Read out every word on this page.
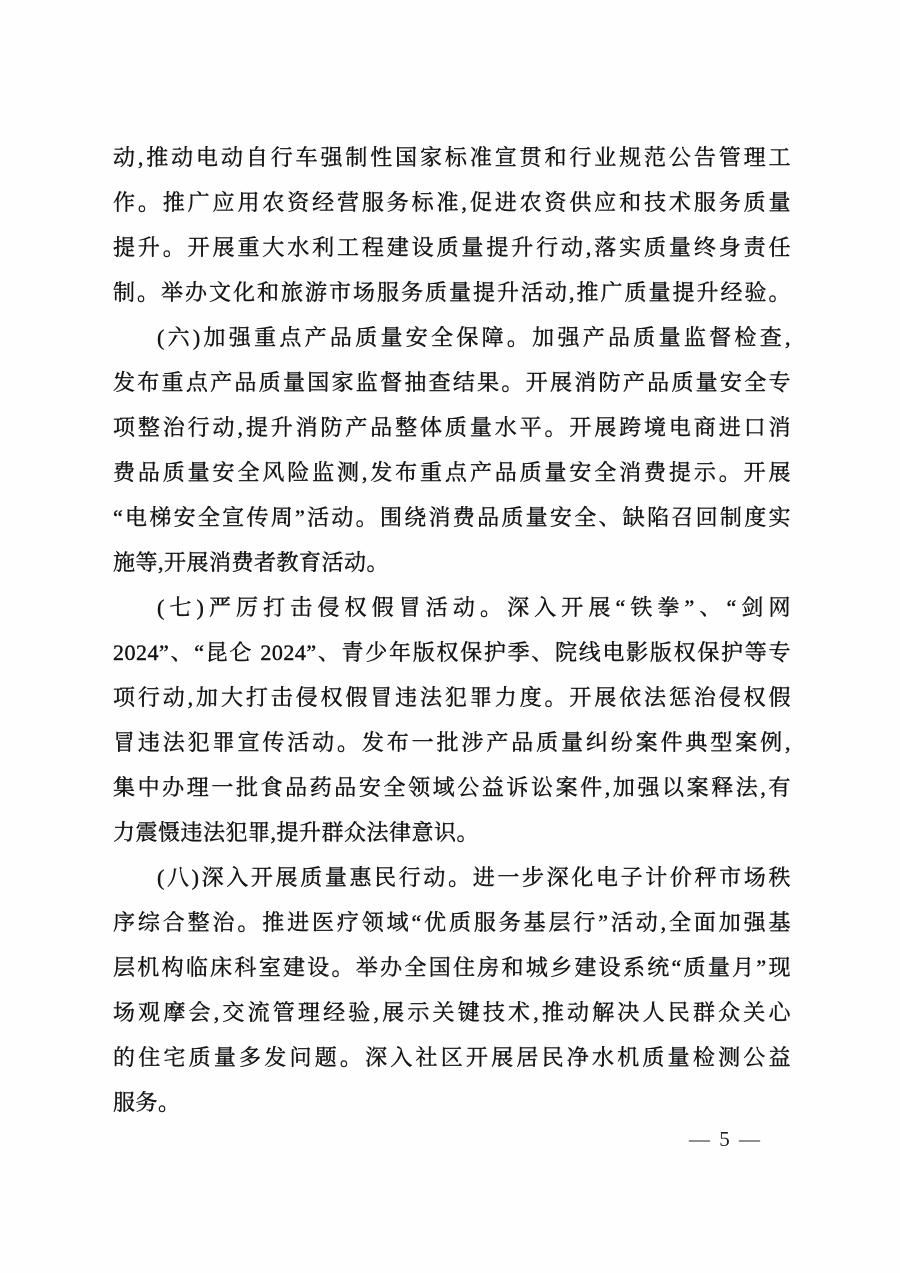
动,推动电动自行车强制性国家标准宣贯和行业规范公告管理工
作。推广应用农资经营服务标准,促进农资供应和技术服务质量
提升。开展重大水利工程建设质量提升行动,落实质量终身责任
制。举办文化和旅游市场服务质量提升活动,推广质量提升经验。
(六)加强重点产品质量安全保障。加强产品质量监督检查,
发布重点产品质量国家监督抽查结果。开展消防产品质量安全专
项整治行动,提升消防产品整体质量水平。开展跨境电商进口消
费品质量安全风险监测,发布重点产品质量安全消费提示。开展
“电梯安全宣传周”活动。围绕消费品质量安全、缺陷召回制度实
施等,开展消费者教育活动。
(七)严厉打击侵权假冒活动。深入开展“铁拳”、“剑网
2024”、“昆仑 2024”、青少年版权保护季、院线电影版权保护等专
项行动,加大打击侵权假冒违法犯罪力度。开展依法惩治侵权假
冒违法犯罪宣传活动。发布一批涉产品质量纠纷案件典型案例,
集中办理一批食品药品安全领域公益诉讼案件,加强以案释法,有
力震慑违法犯罪,提升群众法律意识。
(八)深入开展质量惠民行动。进一步深化电子计价秤市场秩
序综合整治。推进医疗领域“优质服务基层行”活动,全面加强基
层机构临床科室建设。举办全国住房和城乡建设系统“质量月”现
场观摩会,交流管理经验,展示关键技术,推动解决人民群众关心
的住宅质量多发问题。深入社区开展居民净水机质量检测公益
服务。
— 5 —
